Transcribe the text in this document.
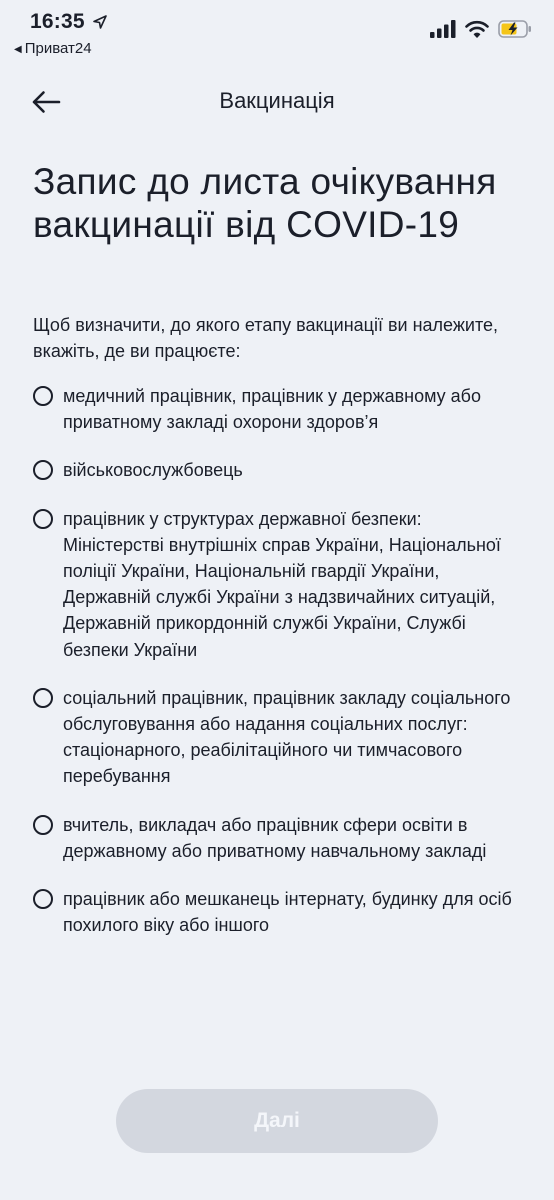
16:35
◀ Приват24
Вакцинація
Запис до листа очікування вакцинації від COVID-19

Щоб визначити, до якого етапу вакцинації ви належите, вкажіть, де ви працюєте:

медичний працівник, працівник у державному або приватному закладі охорони здоров’я
військовослужбовець
працівник у структурах державної безпеки: Міністерстві внутрішніх справ України, Національної поліції України, Національній гвардії України, Державній службі України з надзвичайних ситуацій, Державній прикордонній службі України, Службі безпеки України
соціальний працівник, працівник закладу соціального обслуговування або надання соціальних послуг: стаціонарного, реабілітаційного чи тимчасового перебування
вчитель, викладач або працівник сфери освіти в державному або приватному навчальному закладі
працівник або мешканець інтернату, будинку для осіб похилого віку або іншого
Далі
